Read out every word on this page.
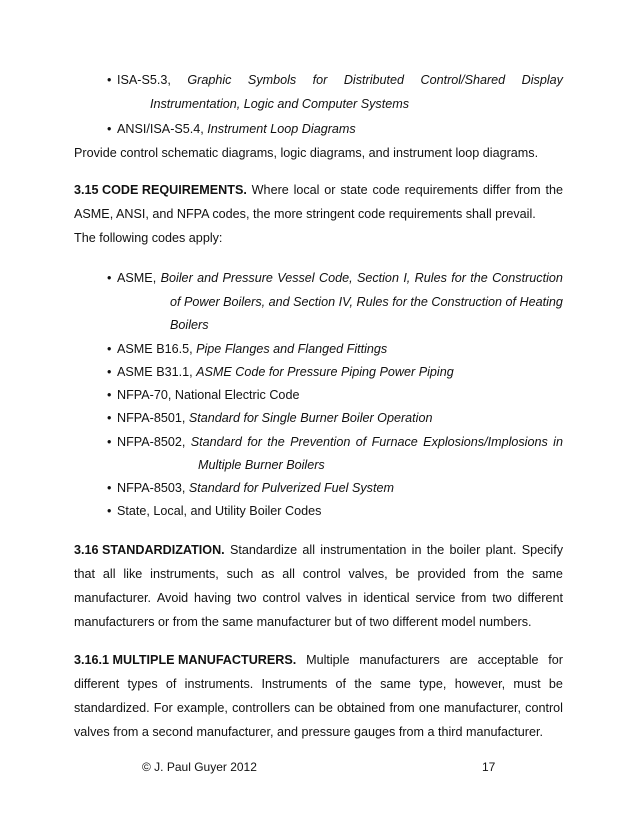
• ISA-S5.3, Graphic Symbols for Distributed Control/Shared Display
Instrumentation, Logic and Computer Systems
• ANSI/ISA-S5.4, Instrument Loop Diagrams
Provide control schematic diagrams, logic diagrams, and instrument loop diagrams.
3.15 CODE REQUIREMENTS. Where local or state code requirements differ from the
ASME, ANSI, and NFPA codes, the more stringent code requirements shall prevail.
The following codes apply:
• ASME, Boiler and Pressure Vessel Code, Section I, Rules for the Construction
of Power Boilers, and Section IV, Rules for the Construction of Heating
Boilers
• ASME B16.5, Pipe Flanges and Flanged Fittings
• ASME B31.1, ASME Code for Pressure Piping Power Piping
• NFPA-70, National Electric Code
• NFPA-8501, Standard for Single Burner Boiler Operation
• NFPA-8502, Standard for the Prevention of Furnace Explosions/Implosions in
Multiple Burner Boilers
• NFPA-8503, Standard for Pulverized Fuel System
• State, Local, and Utility Boiler Codes
3.16 STANDARDIZATION. Standardize all instrumentation in the boiler plant. Specify
that all like instruments, such as all control valves, be provided from the same
manufacturer. Avoid having two control valves in identical service from two different
manufacturers or from the same manufacturer but of two different model numbers.
3.16.1 MULTIPLE MANUFACTURERS. Multiple manufacturers are acceptable for
different types of instruments. Instruments of the same type, however, must be
standardized. For example, controllers can be obtained from one manufacturer, control
valves from a second manufacturer, and pressure gauges from a third manufacturer.
© J. Paul Guyer 2012	17
